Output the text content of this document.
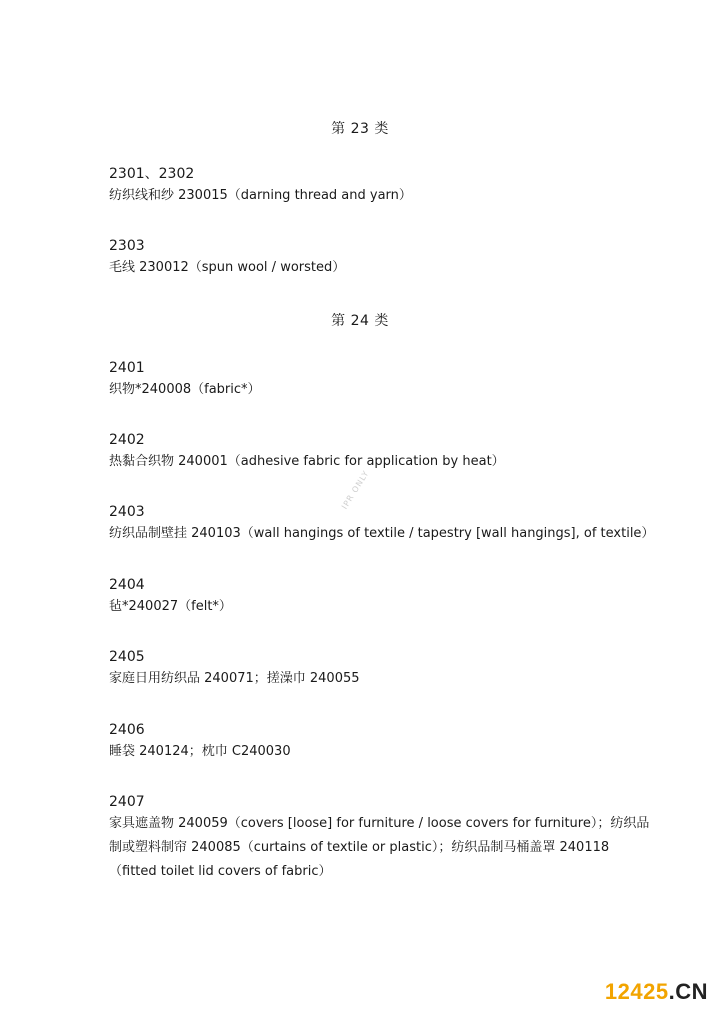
第 23 类
2301、2302
纺织线和纱 230015（darning thread and yarn）
2303
毛线 230012（spun wool / worsted）
第 24 类
2401
织物*240008（fabric*）
2402
热黏合织物 240001（adhesive fabric for application by heat）
2403
纺织品制壁挂 240103（wall hangings of textile / tapestry [wall hangings], of textile）
2404
毡*240027（felt*）
2405
家庭日用纺织品 240071；搓澡巾 240055
2406
睡袋 240124；枕巾 C240030
2407
家具遮盖物 240059（covers [loose] for furniture / loose covers for furniture）；纺织品
制或塑料制帘 240085（curtains of textile or plastic）；纺织品制马桶盖罩 240118
（fitted toilet lid covers of fabric）
IPR ONLY
12425.CN
